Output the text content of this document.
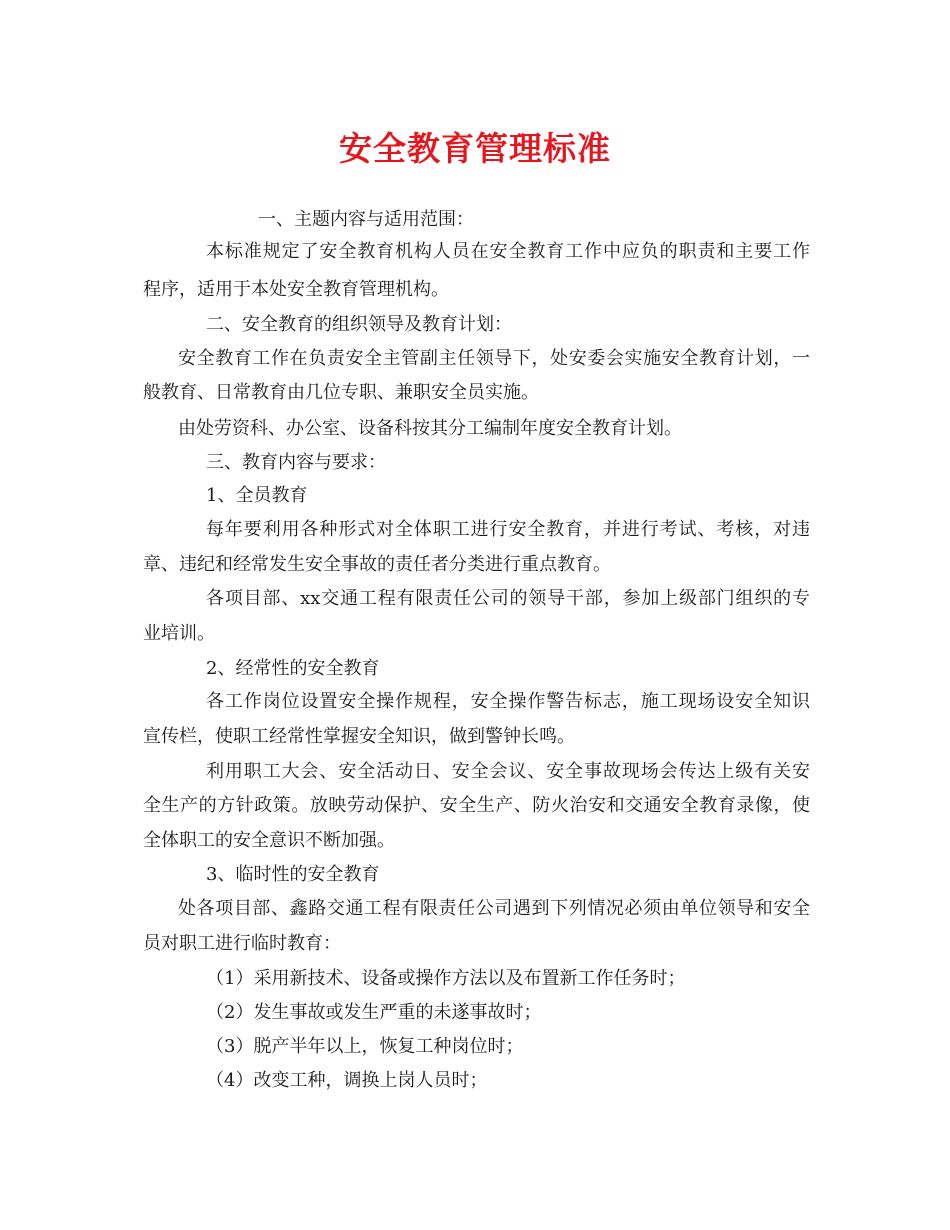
安全教育管理标准

一、主题内容与适用范围：

本标准规定了安全教育机构人员在安全教育工作中应负的职责和主要工作

程序，适用于本处安全教育管理机构。

二、安全教育的组织领导及教育计划：

安全教育工作在负责安全主管副主任领导下，处安委会实施安全教育计划，一

般教育、日常教育由几位专职、兼职安全员实施。

由处劳资科、办公室、设备科按其分工编制年度安全教育计划。

三、教育内容与要求：

1、全员教育

每年要利用各种形式对全体职工进行安全教育，并进行考试、考核，对违

章、违纪和经常发生安全事故的责任者分类进行重点教育。

各项目部、xx交通工程有限责任公司的领导干部，参加上级部门组织的专

业培训。

2、经常性的安全教育

各工作岗位设置安全操作规程，安全操作警告标志，施工现场设安全知识

宣传栏，使职工经常性掌握安全知识，做到警钟长鸣。

利用职工大会、安全活动日、安全会议、安全事故现场会传达上级有关安

全生产的方针政策。放映劳动保护、安全生产、防火治安和交通安全教育录像，使

全体职工的安全意识不断加强。

3、临时性的安全教育

处各项目部、鑫路交通工程有限责任公司遇到下列情况必须由单位领导和安全

员对职工进行临时教育：

（1）采用新技术、设备或操作方法以及布置新工作任务时；

（2）发生事故或发生严重的未遂事故时；

（3）脱产半年以上，恢复工种岗位时；

（4）改变工种，调换上岗人员时；
